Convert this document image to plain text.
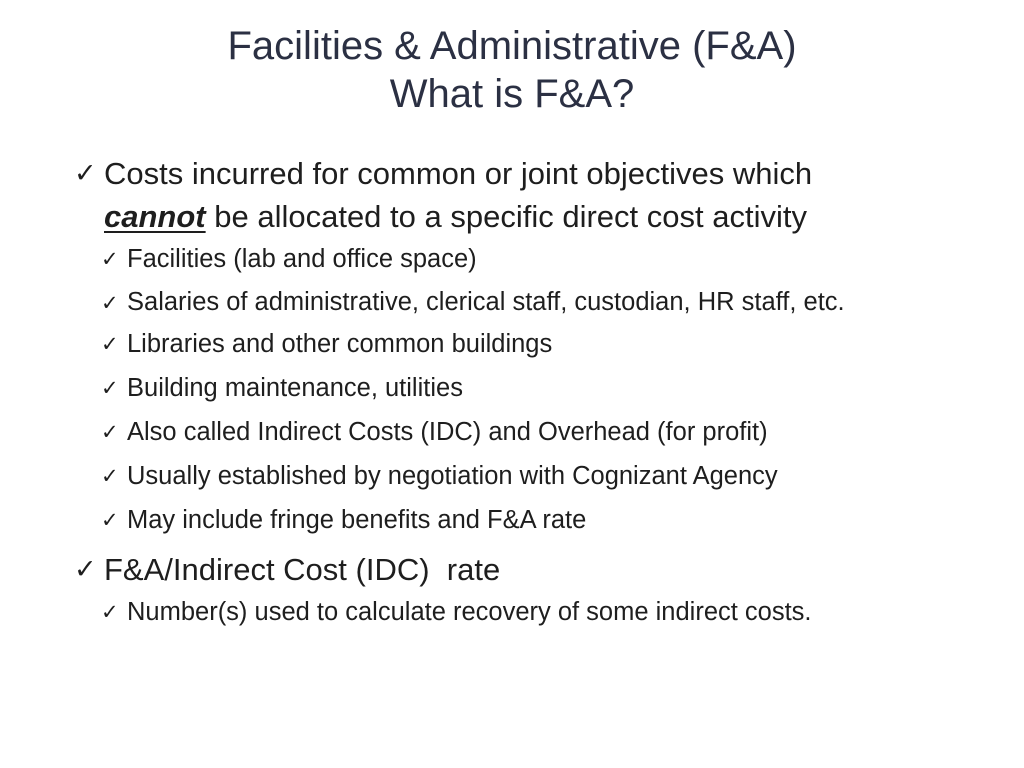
Facilities & Administrative (F&A)
What is F&A?
✓ Costs incurred for common or joint objectives which
cannot be allocated to a specific direct cost activity
✓ Facilities (lab and office space)
✓ Salaries of administrative, clerical staff, custodian, HR staff, etc.
✓ Libraries and other common buildings
✓ Building maintenance, utilities
✓ Also called Indirect Costs (IDC) and Overhead (for profit)
✓ Usually established by negotiation with Cognizant Agency
✓ May include fringe benefits and F&A rate
✓ F&A/Indirect Cost (IDC)  rate
✓ Number(s) used to calculate recovery of some indirect costs.
